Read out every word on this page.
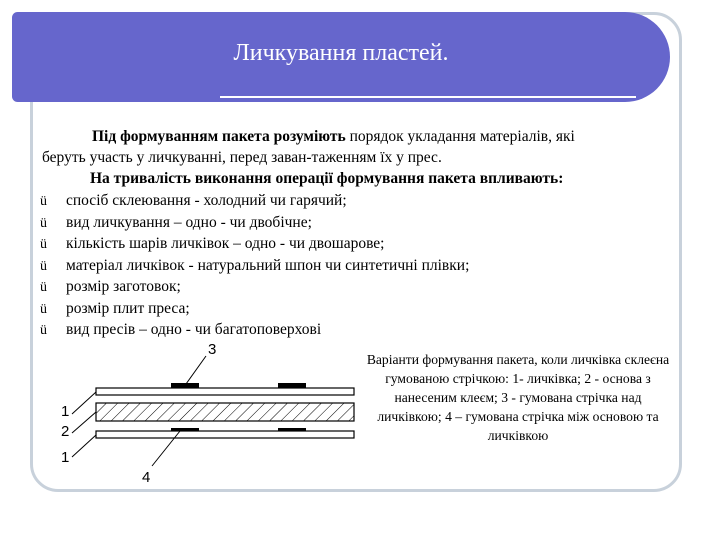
Личкування пластей.
Під формуванням пакета розуміють порядок укладання матеріалів, які
беруть участь у личкуванні, перед заван-таженням їх у прес.
На тривалість виконання операції формування пакета впливають:
ü спосіб склеювання - холодний чи гарячий;
ü вид личкування – одно - чи двобічне;
ü кількість шарів личківок – одно - чи двошарове;
ü матеріал личківок - натуральний шпон чи синтетичні плівки;
ü розмір заготовок;
ü розмір плит преса;
ü вид пресів – одно - чи багатоповерхові
3
1
2
1
4
Варіанти формування пакета, коли личківка склеєна гумованою стрічкою: 1- личківка; 2 - основа з нанесеним клеєм; 3 - гумована стрічка над личківкою; 4 – гумована стрічка між основою та личківкою
